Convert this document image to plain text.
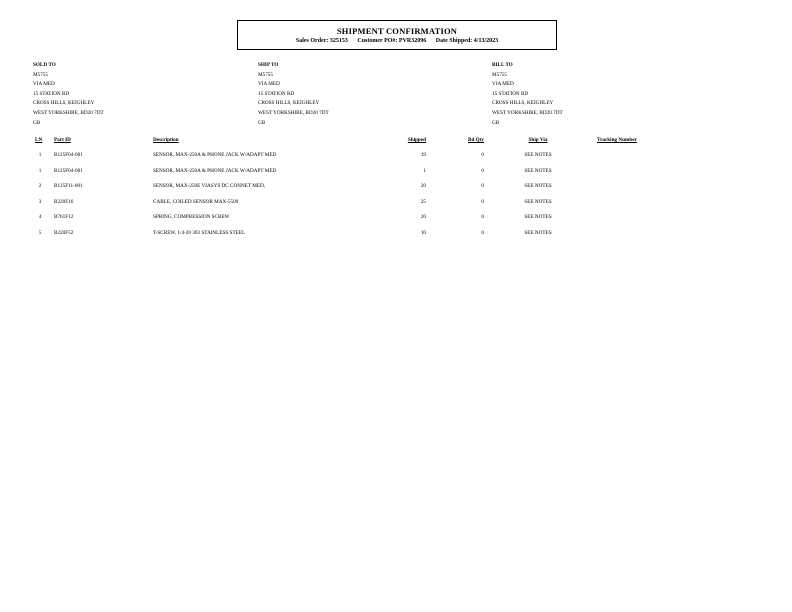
SHIPMENT CONFIRMATION
Sales Order: 325153 Customer PO#: PVR32096 Date Shipped: 4/13/2023
SOLD TO
M5755
VIA MED
15 STATION RD
CROSS HILLS, KEIGHLEY
WEST YORKSHIRE, BD20 7DT
GB
SHIP TO
M5755
VIA MED
15 STATION RD
CROSS HILLS, KEIGHLEY
WEST YORKSHIRE, BD20 7DT
GB
BILL TO
M5755
VIA MED
15 STATION RD
CROSS HILLS, KEIGHLEY
WEST YORKSHIRE, BD20 7DT
GB
LN Part ID	Description	Shipped	Bd Qty	Ship Via	Tracking Number
1	B125F04-001	SENSOR, MAX-250A & PHONE JACK W/ADAPT MED	19	0	SEE NOTES
1	B125F04-001	SENSOR, MAX-250A & PHONE JACK W/ADAPT MED	1	0	SEE NOTES
2	B125F11-001	SENSOR, MAX-250E VIASYS DC CONNET MED,	20	0	SEE NOTES
3	B220F16	CABLE, COILED SENSOR MAX-5509	25	0	SEE NOTES
4	B761F12	SPRING, COMPRESSION SCREW	20	0	SEE NOTES
5	B220F52	T-SCREW, 1/4-20 303 STAINLESS STEEL	10	0	SEE NOTES
